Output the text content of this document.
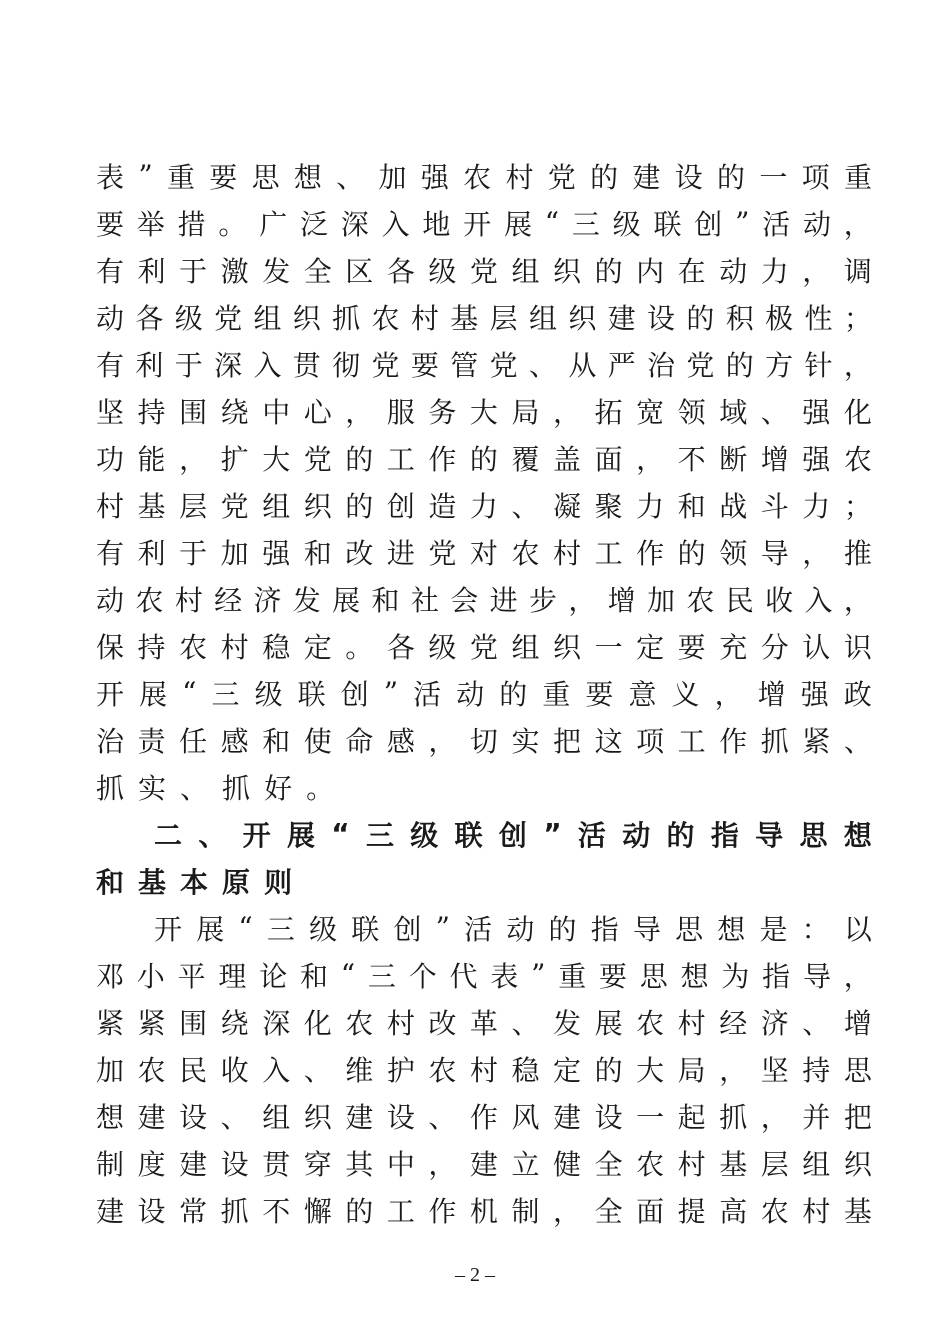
表 ” 重 要 思 想 、 加 强 农 村 党 的 建 设 的 一 项 重
要 举 措 。 广 泛 深 入 地 开 展 “ 三 级 联 创 ” 活 动 ，
有 利 于 激 发 全 区 各 级 党 组 织 的 内 在 动 力 ， 调
动 各 级 党 组 织 抓 农 村 基 层 组 织 建 设 的 积 极 性 ；
有 利 于 深 入 贯 彻 党 要 管 党 、 从 严 治 党 的 方 针 ，
坚 持 围 绕 中 心 ， 服 务 大 局 ， 拓 宽 领 域 、 强 化
功 能 ， 扩 大 党 的 工 作 的 覆 盖 面 ， 不 断 增 强 农
村 基 层 党 组 织 的 创 造 力 、 凝 聚 力 和 战 斗 力 ；
有 利 于 加 强 和 改 进 党 对 农 村 工 作 的 领 导 ， 推
动 农 村 经 济 发 展 和 社 会 进 步 ， 增 加 农 民 收 入 ，
保 持 农 村 稳 定 。 各 级 党 组 织 一 定 要 充 分 认 识
开 展 “ 三 级 联 创 ” 活 动 的 重 要 意 义 ， 增 强 政
治 责 任 感 和 使 命 感 ， 切 实 把 这 项 工 作 抓 紧 、
抓 实 、 抓 好 。
二 、 开 展 “ 三 级 联 创 ” 活 动 的 指 导 思 想
和 基 本 原 则
开 展 “ 三 级 联 创 ” 活 动 的 指 导 思 想 是 ： 以
邓 小 平 理 论 和 “ 三 个 代 表 ” 重 要 思 想 为 指 导 ，
紧 紧 围 绕 深 化 农 村 改 革 、 发 展 农 村 经 济 、 增
加 农 民 收 入 、 维 护 农 村 稳 定 的 大 局 ， 坚 持 思
想 建 设 、 组 织 建 设 、 作 风 建 设 一 起 抓 ， 并 把
制 度 建 设 贯 穿 其 中 ， 建 立 健 全 农 村 基 层 组 织
建 设 常 抓 不 懈 的 工 作 机 制 ， 全 面 提 高 农 村 基
– 2 –
